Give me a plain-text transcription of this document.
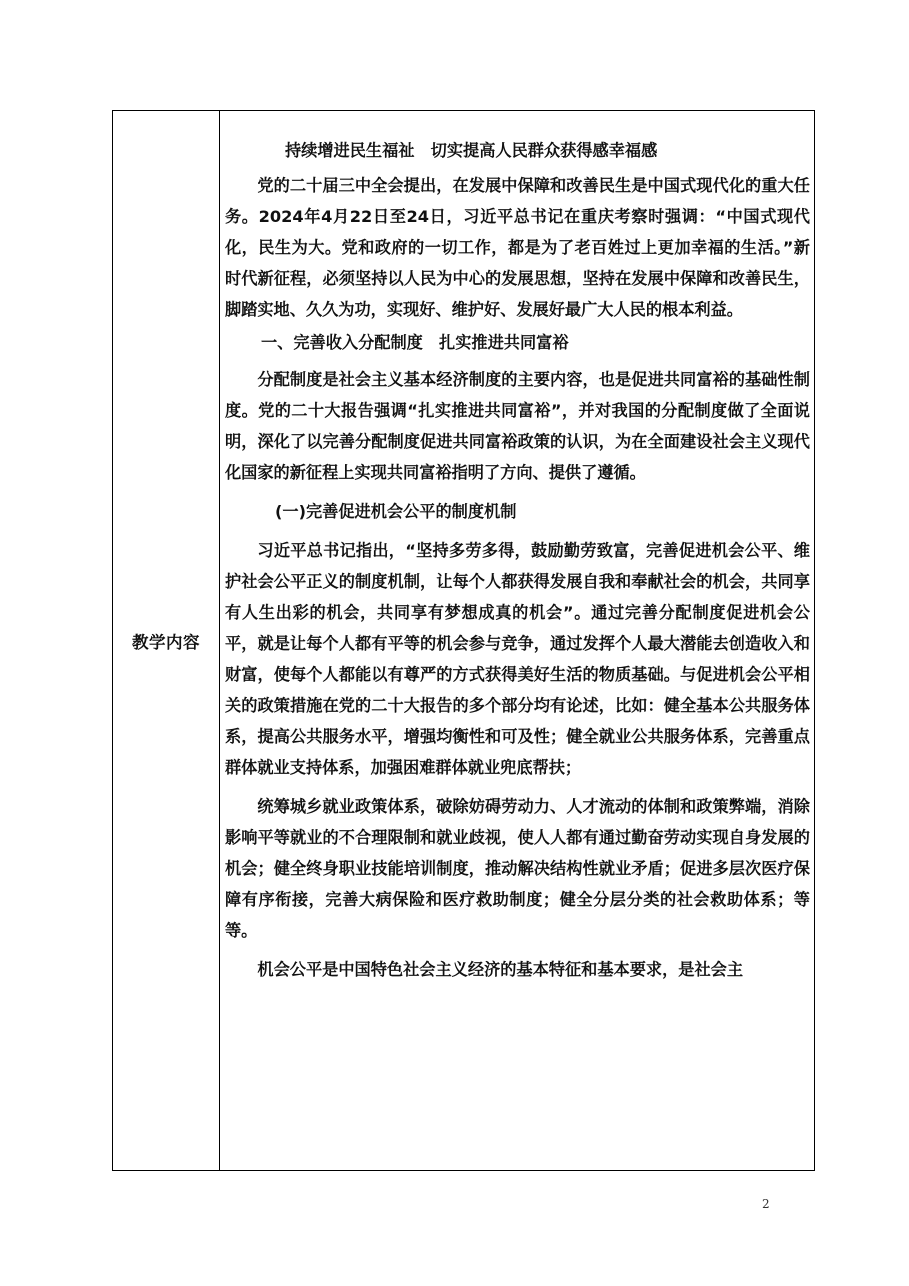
教学内容

持续增进民生福祉　切实提高人民群众获得感幸福感

党的二十届三中全会提出，在发展中保障和改善民生是中国式现代化的重大任务。2024年4月22日至24日，习近平总书记在重庆考察时强调：“中国式现代化，民生为大。党和政府的一切工作，都是为了老百姓过上更加幸福的生活。”新时代新征程，必须坚持以人民为中心的发展思想，坚持在发展中保障和改善民生，脚踏实地、久久为功，实现好、维护好、发展好最广大人民的根本利益。

一、完善收入分配制度　扎实推进共同富裕

分配制度是社会主义基本经济制度的主要内容，也是促进共同富裕的基础性制度。党的二十大报告强调“扎实推进共同富裕”，并对我国的分配制度做了全面说明，深化了以完善分配制度促进共同富裕政策的认识，为在全面建设社会主义现代化国家的新征程上实现共同富裕指明了方向、提供了遵循。

(一)完善促进机会公平的制度机制

习近平总书记指出，“坚持多劳多得，鼓励勤劳致富，完善促进机会公平、维护社会公平正义的制度机制，让每个人都获得发展自我和奉献社会的机会，共同享有人生出彩的机会，共同享有梦想成真的机会”。通过完善分配制度促进机会公平，就是让每个人都有平等的机会参与竞争，通过发挥个人最大潜能去创造收入和财富，使每个人都能以有尊严的方式获得美好生活的物质基础。与促进机会公平相关的政策措施在党的二十大报告的多个部分均有论述，比如：健全基本公共服务体系，提高公共服务水平，增强均衡性和可及性；健全就业公共服务体系，完善重点群体就业支持体系，加强困难群体就业兜底帮扶；

统筹城乡就业政策体系，破除妨碍劳动力、人才流动的体制和政策弊端，消除影响平等就业的不合理限制和就业歧视，使人人都有通过勤奋劳动实现自身发展的机会；健全终身职业技能培训制度，推动解决结构性就业矛盾；促进多层次医疗保障有序衔接，完善大病保险和医疗救助制度；健全分层分类的社会救助体系；等等。

机会公平是中国特色社会主义经济的基本特征和基本要求，是社会主

2
